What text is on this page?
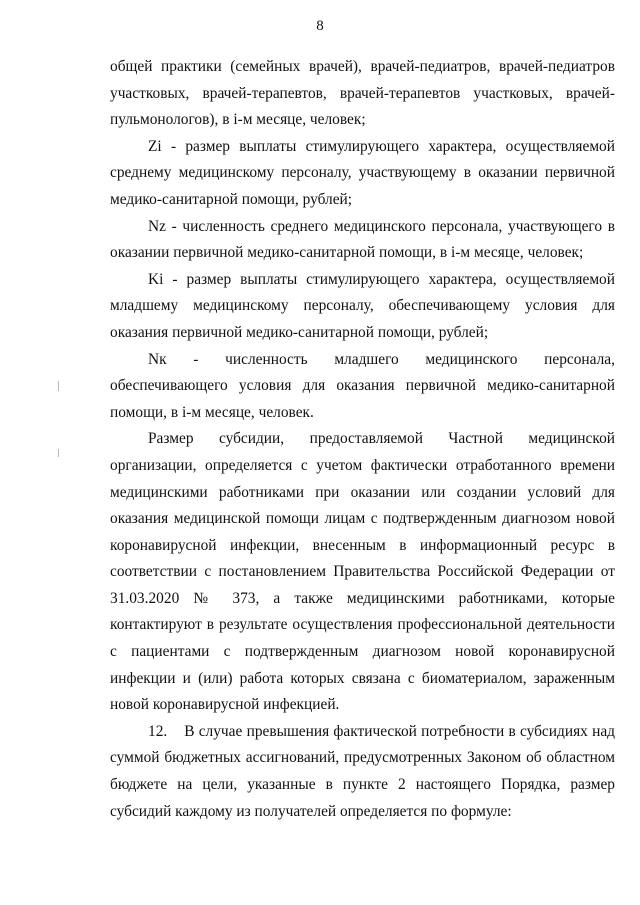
8

общей практики (семейных врачей), врачей-педиатров, врачей-педиатров участковых, врачей-терапевтов, врачей-терапевтов участковых, врачей-пульмонологов), в i-м месяце, человек;

Zi - размер выплаты стимулирующего характера, осуществляемой среднему медицинскому персоналу, участвующему в оказании первичной медико-санитарной помощи, рублей;

Nz - численность среднего медицинского персонала, участвующего в оказании первичной медико-санитарной помощи, в i-м месяце, человек;

Ki - размер выплаты стимулирующего характера, осуществляемой младшему медицинскому персоналу, обеспечивающему условия для оказания первичной медико-санитарной помощи, рублей;

Nк - численность младшего медицинского персонала, обеспечивающего условия для оказания первичной медико-санитарной помощи, в i-м месяце, человек.

Размер субсидии, предоставляемой Частной медицинской организации, определяется с учетом фактически отработанного времени медицинскими работниками при оказании или создании условий для оказания медицинской помощи лицам с подтвержденным диагнозом новой коронавирусной инфекции, внесенным в информационный ресурс в соответствии с постановлением Правительства Российской Федерации от 31.03.2020 № 373, а также медицинскими работниками, которые контактируют в результате осуществления профессиональной деятельности с пациентами с подтвержденным диагнозом новой коронавирусной инфекции и (или) работа которых связана с биоматериалом, зараженным новой коронавирусной инфекцией.

12.    В случае превышения фактической потребности в субсидиях над суммой бюджетных ассигнований, предусмотренных Законом об областном бюджете на цели, указанные в пункте 2 настоящего Порядка, размер субсидий каждому из получателей определяется по формуле:
